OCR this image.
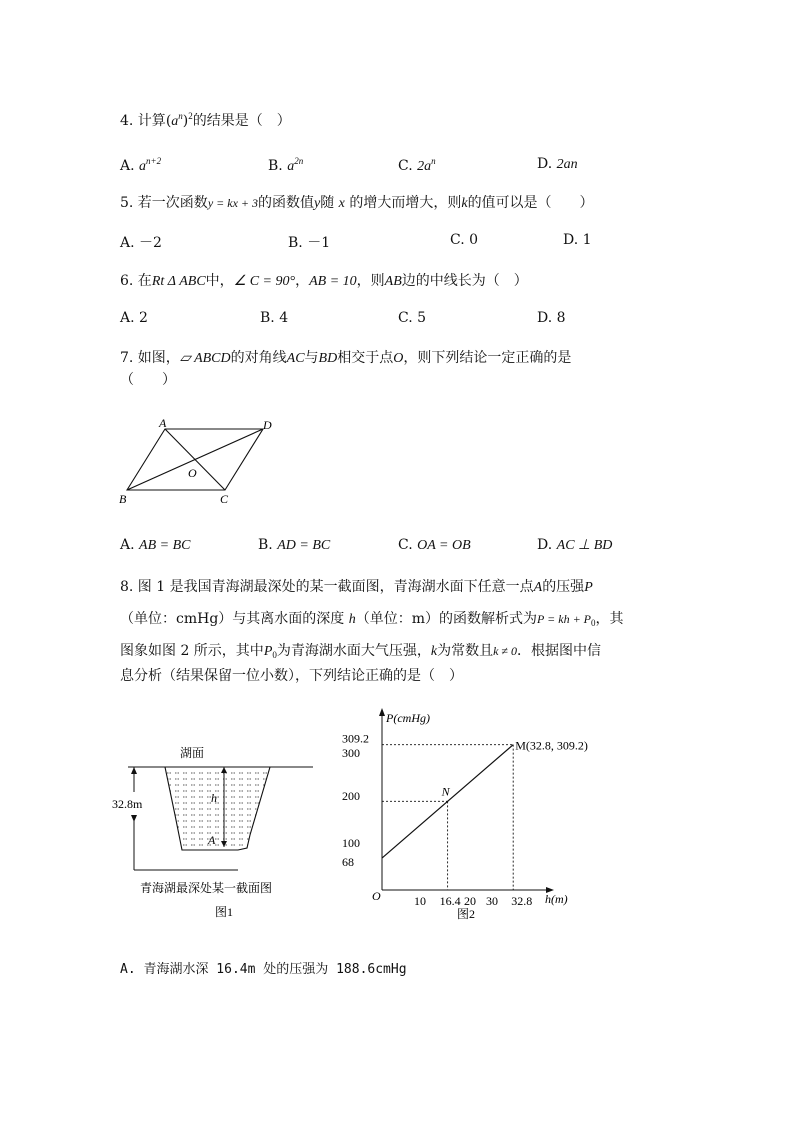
4. 计算$(a^n)^2$的结果是（　）
A. $a^{n+2}$	B. $a^{2n}$	C. $2a^n$	D. 2an
5. 若一次函数y = kx + 3的函数值y随 x 的增大而增大，则k的值可以是（　　）
A. －2	B. －1	C. 0	D. 1
6. 在Rt Δ ABC中，∠ C = 90°，AB = 10，则AB边的中线长为（　）
A. 2	B. 4	C. 5	D. 8
7. 如图，▱ ABCD的对角线AC与BD相交于点O，则下列结论一定正确的是
（　　）
A	D
B	C
O
A. AB = BC	B. AD = BC	C. OA = OB	D. AC ⊥ BD
8. 图 1 是我国青海湖最深处的某一截面图，青海湖水面下任意一点A的压强P
（单位：cmHg）与其离水面的深度 h（单位：m）的函数解析式为P = kh + $P_0$，其
图象如图 2 所示，其中$P_0$为青海湖水面大气压强，k为常数且k ≠ 0．根据图中信
息分析（结果保留一位小数），下列结论正确的是（　）
湖面
h
A
32.8m
青海湖最深处某一截面图
图1
P(cmHg)
h(m)
O
图2
309.2
300
200
100
68
10 16.4 20 30 32.8
M(32.8, 309.2)
N
A. 青海湖水深 16.4m 处的压强为 188.6cmHg
